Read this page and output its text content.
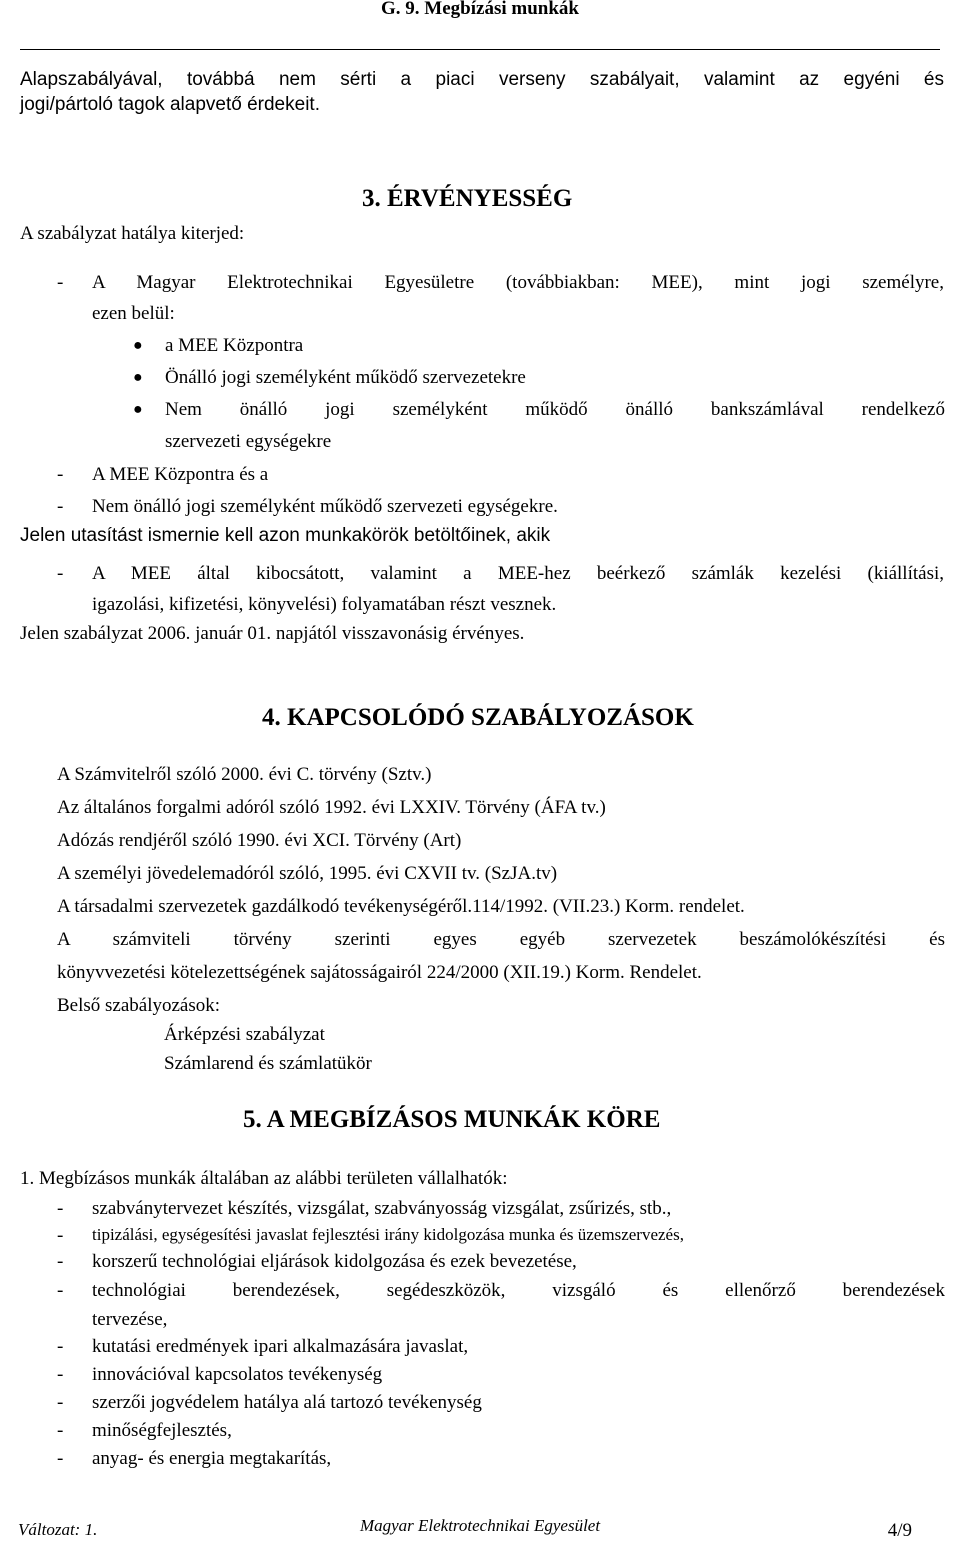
G. 9. Megbízási munkák
Alapszabályával, továbbá nem sérti a piaci verseny szabályait, valamint az egyéni és
jogi/pártoló tagok alapvető érdekeit.
3. ÉRVÉNYESSÉG
A szabályzat hatálya kiterjed:
- A Magyar Elektrotechnikai Egyesületre (továbbiakban: MEE), mint jogi személyre,
ezen belül:
● a MEE Központra
● Önálló jogi személyként működő szervezetekre
● Nem önálló jogi személyként működő önálló bankszámlával rendelkező
szervezeti egységekre
- A MEE Központra és a
- Nem önálló jogi személyként működő szervezeti egységekre.
Jelen utasítást ismernie kell azon munkakörök betöltőinek, akik
- A MEE által kibocsátott, valamint a MEE-hez beérkező számlák kezelési (kiállítási,
igazolási, kifizetési, könyvelési) folyamatában részt vesznek.
Jelen szabályzat 2006. január 01. napjától visszavonásig érvényes.
4. KAPCSOLÓDÓ SZABÁLYOZÁSOK
A Számvitelről szóló 2000. évi C. törvény (Sztv.)
Az általános forgalmi adóról szóló 1992. évi LXXIV. Törvény (ÁFA tv.)
Adózás rendjéről szóló 1990. évi XCI. Törvény (Art)
A személyi jövedelemadóról szóló, 1995. évi CXVII tv. (SzJA.tv)
A társadalmi szervezetek gazdálkodó tevékenységéről.114/1992. (VII.23.) Korm. rendelet.
A számviteli törvény szerinti egyes egyéb szervezetek beszámolókészítési és
könyvvezetési kötelezettségének sajátosságairól 224/2000 (XII.19.) Korm. Rendelet.
Belső szabályozások:
Árképzési szabályzat
Számlarend és számlatükör
5. A MEGBÍZÁSOS MUNKÁK KÖRE
1. Megbízásos munkák általában az alábbi területen vállalhatók:
-	szabványtervezet készítés, vizsgálat, szabványosság vizsgálat, zsűrizés, stb.,
-	tipizálási, egységesítési javaslat fejlesztési irány kidolgozása munka és üzemszervezés,
-	korszerű technológiai eljárások kidolgozása és ezek bevezetése,
-	technológiai berendezések, segédeszközök, vizsgáló és ellenőrző berendezések
tervezése,
-	kutatási eredmények ipari alkalmazására javaslat,
-	innovációval kapcsolatos tevékenység
-	szerzői jogvédelem hatálya alá tartozó tevékenység
-	minőségfejlesztés,
-	anyag- és energia megtakarítás,
Változat: 1.	4/9
Magyar Elektrotechnikai Egyesület
